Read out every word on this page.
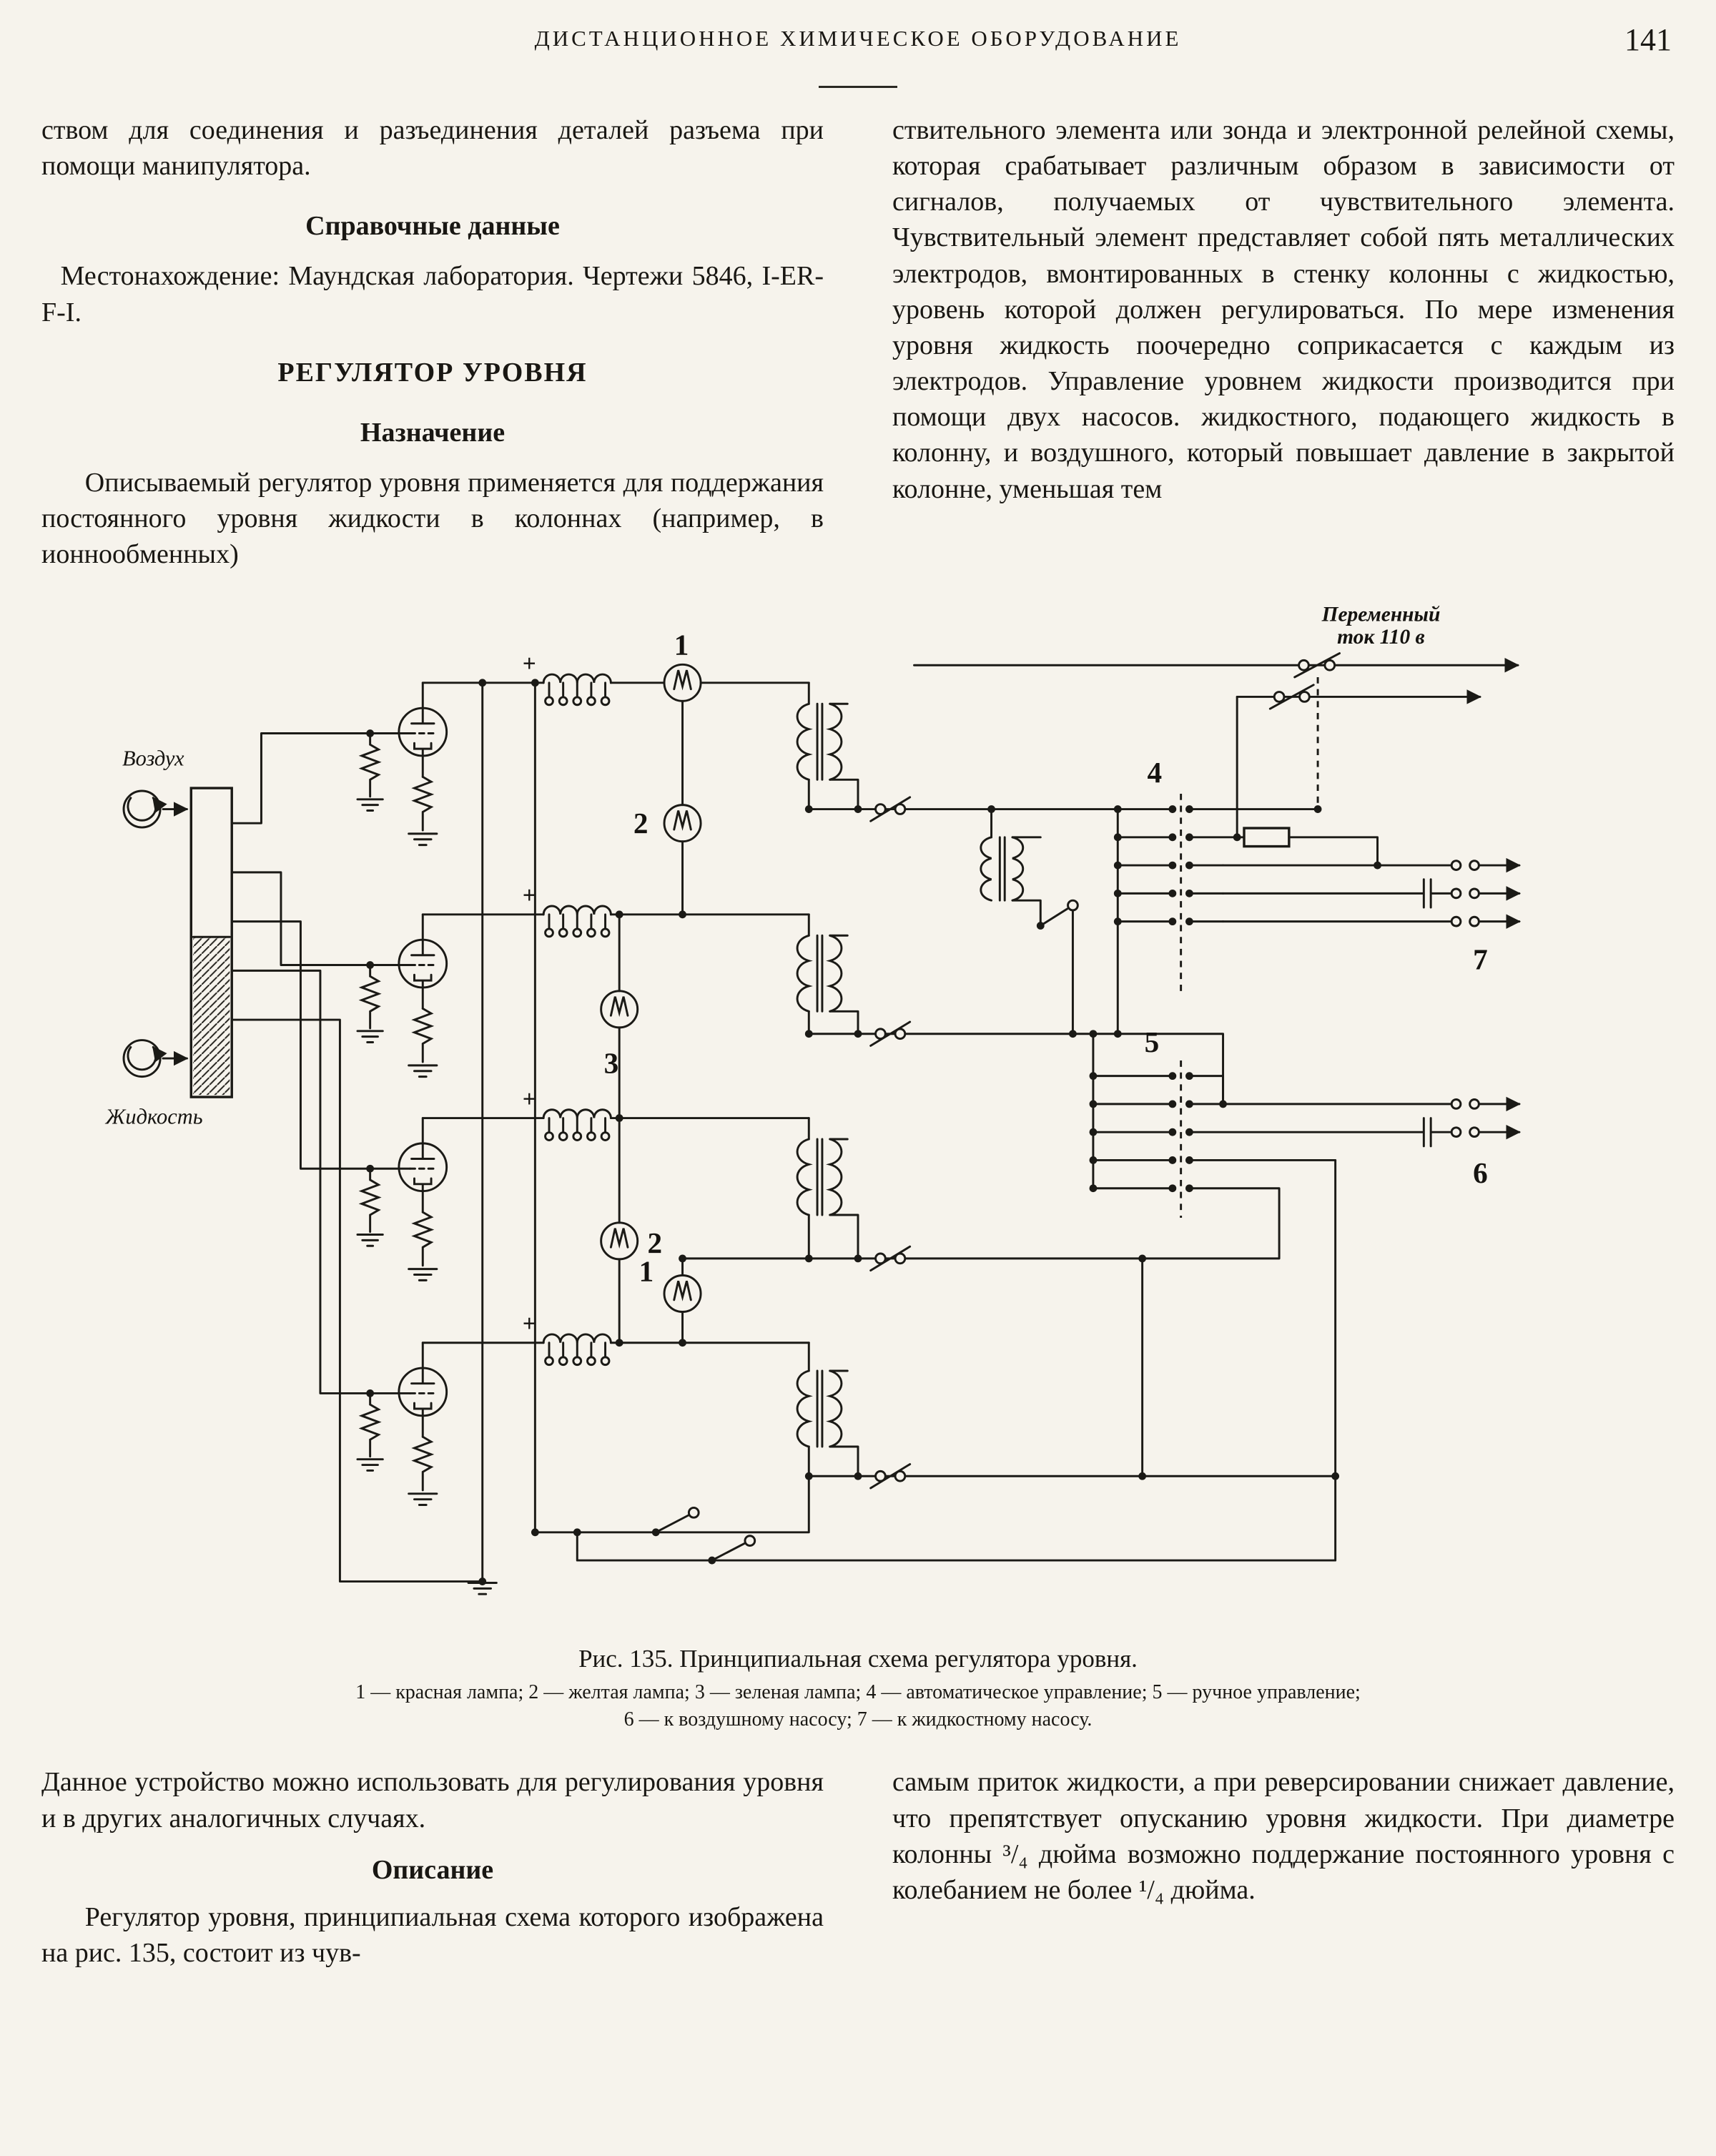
ДИСТАНЦИОННОЕ ХИМИЧЕСКОЕ ОБОРУДОВАНИЕ	141

ством для соединения и разъединения деталей разъема при помощи манипулятора.

Справочные данные

Местонахождение: Маундская лаборатория. Чертежи 5846, I-ER-F-I.

РЕГУЛЯТОР УРОВНЯ
Назначение

Описываемый регулятор уровня применяется для поддержания постоянного уровня жидкости в колоннах (например, в ионнообменных)

ствительного элемента или зонда и электронной релейной схемы, которая срабатывает различным образом в зависимости от сигналов, получаемых от чувствительного элемента. Чувствительный элемент представляет собой пять металлических электродов, вмонтированных в стенку колонны с жидкостью, уровень которой должен регулироваться. По мере изменения уровня жидкость поочередно соприкасается с каждым из электродов. Управление уровнем жидкости производится при помощи двух насосов. жидкостного, подающего жидкость в колонну, и воздушного, который повышает давление в закрытой колонне, уменьшая тем

Воздух
Жидкость
+
+
+
+
1
2
3
2
1
4
5
7
6
Переменный
ток 110 в
Рис. 135. Принципиальная схема регулятора уровня.
1 — красная лампа; 2 — желтая лампа; 3 — зеленая лампа; 4 — автоматическое управление; 5 — ручное управление;
6 — к воздушному насосу; 7 — к жидкостному насосу.

Данное устройство можно использовать для регулирования уровня и в других аналогичных случаях.

Описание

Регулятор уровня, принципиальная схема которого изображена на рис. 135, состоит из чув-

самым приток жидкости, а при реверсировании снижает давление, что препятствует опусканию уровня жидкости. При диаметре колонны ³/₄ дюйма возможно поддержание постоянного уровня с колебанием не более ¹/₄ дюйма.
